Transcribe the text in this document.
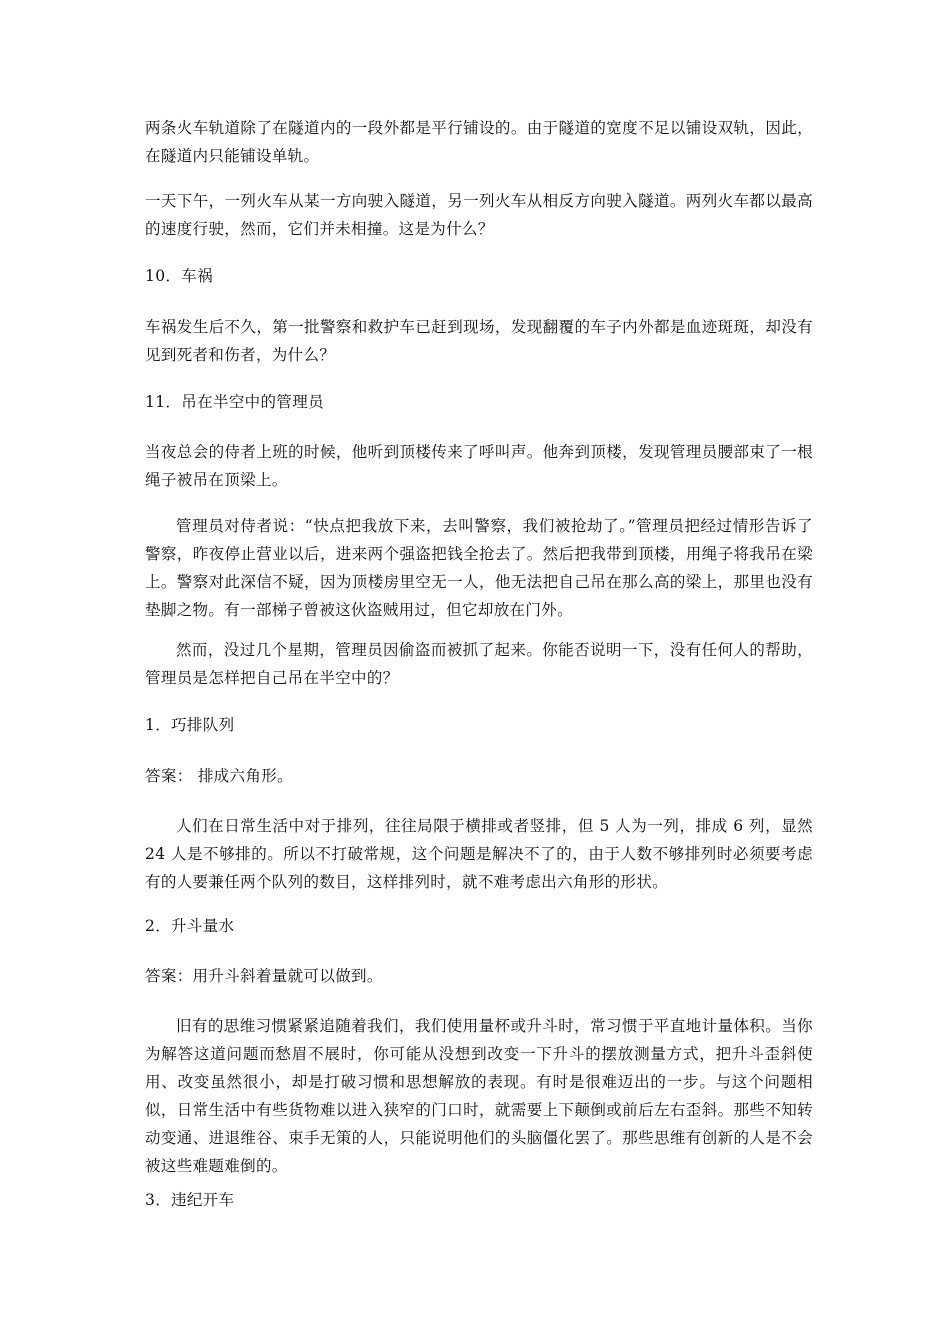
两条火车轨道除了在隧道内的一段外都是平行铺设的。由于隧道的宽度不足以铺设双轨，因此，在隧道内只能铺设单轨。

一天下午，一列火车从某一方向驶入隧道，另一列火车从相反方向驶入隧道。两列火车都以最高的速度行驶，然而，它们并未相撞。这是为什么？

10．车祸

车祸发生后不久，第一批警察和救护车已赶到现场，发现翻覆的车子内外都是血迹斑斑，却没有见到死者和伤者，为什么？

11．吊在半空中的管理员

当夜总会的侍者上班的时候，他听到顶楼传来了呼叫声。他奔到顶楼，发现管理员腰部束了一根绳子被吊在顶梁上。

管理员对侍者说：“快点把我放下来，去叫警察，我们被抢劫了。”管理员把经过情形告诉了警察，昨夜停止营业以后，进来两个强盗把钱全抢去了。然后把我带到顶楼，用绳子将我吊在梁上。警察对此深信不疑，因为顶楼房里空无一人，他无法把自己吊在那么高的梁上，那里也没有垫脚之物。有一部梯子曾被这伙盗贼用过，但它却放在门外。

然而，没过几个星期，管理员因偷盗而被抓了起来。你能否说明一下，没有任何人的帮助，管理员是怎样把自己吊在半空中的？

1．巧排队列

答案： 排成六角形。

人们在日常生活中对于排列，往往局限于横排或者竖排，但 5 人为一列，排成 6 列，显然 24 人是不够排的。所以不打破常规，这个问题是解决不了的，由于人数不够排列时必须要考虑有的人要兼任两个队列的数目，这样排列时，就不难考虑出六角形的形状。

2．升斗量水

答案：用升斗斜着量就可以做到。

旧有的思维习惯紧紧追随着我们，我们使用量杯或升斗时，常习惯于平直地计量体积。当你为解答这道问题而愁眉不展时，你可能从没想到改变一下升斗的摆放测量方式，把升斗歪斜使用、改变虽然很小，却是打破习惯和思想解放的表现。有时是很难迈出的一步。与这个问题相似，日常生活中有些货物难以进入狭窄的门口时，就需要上下颠倒或前后左右歪斜。那些不知转动变通、进退维谷、束手无策的人，只能说明他们的头脑僵化罢了。那些思维有创新的人是不会被这些难题难倒的。

3．违纪开车
